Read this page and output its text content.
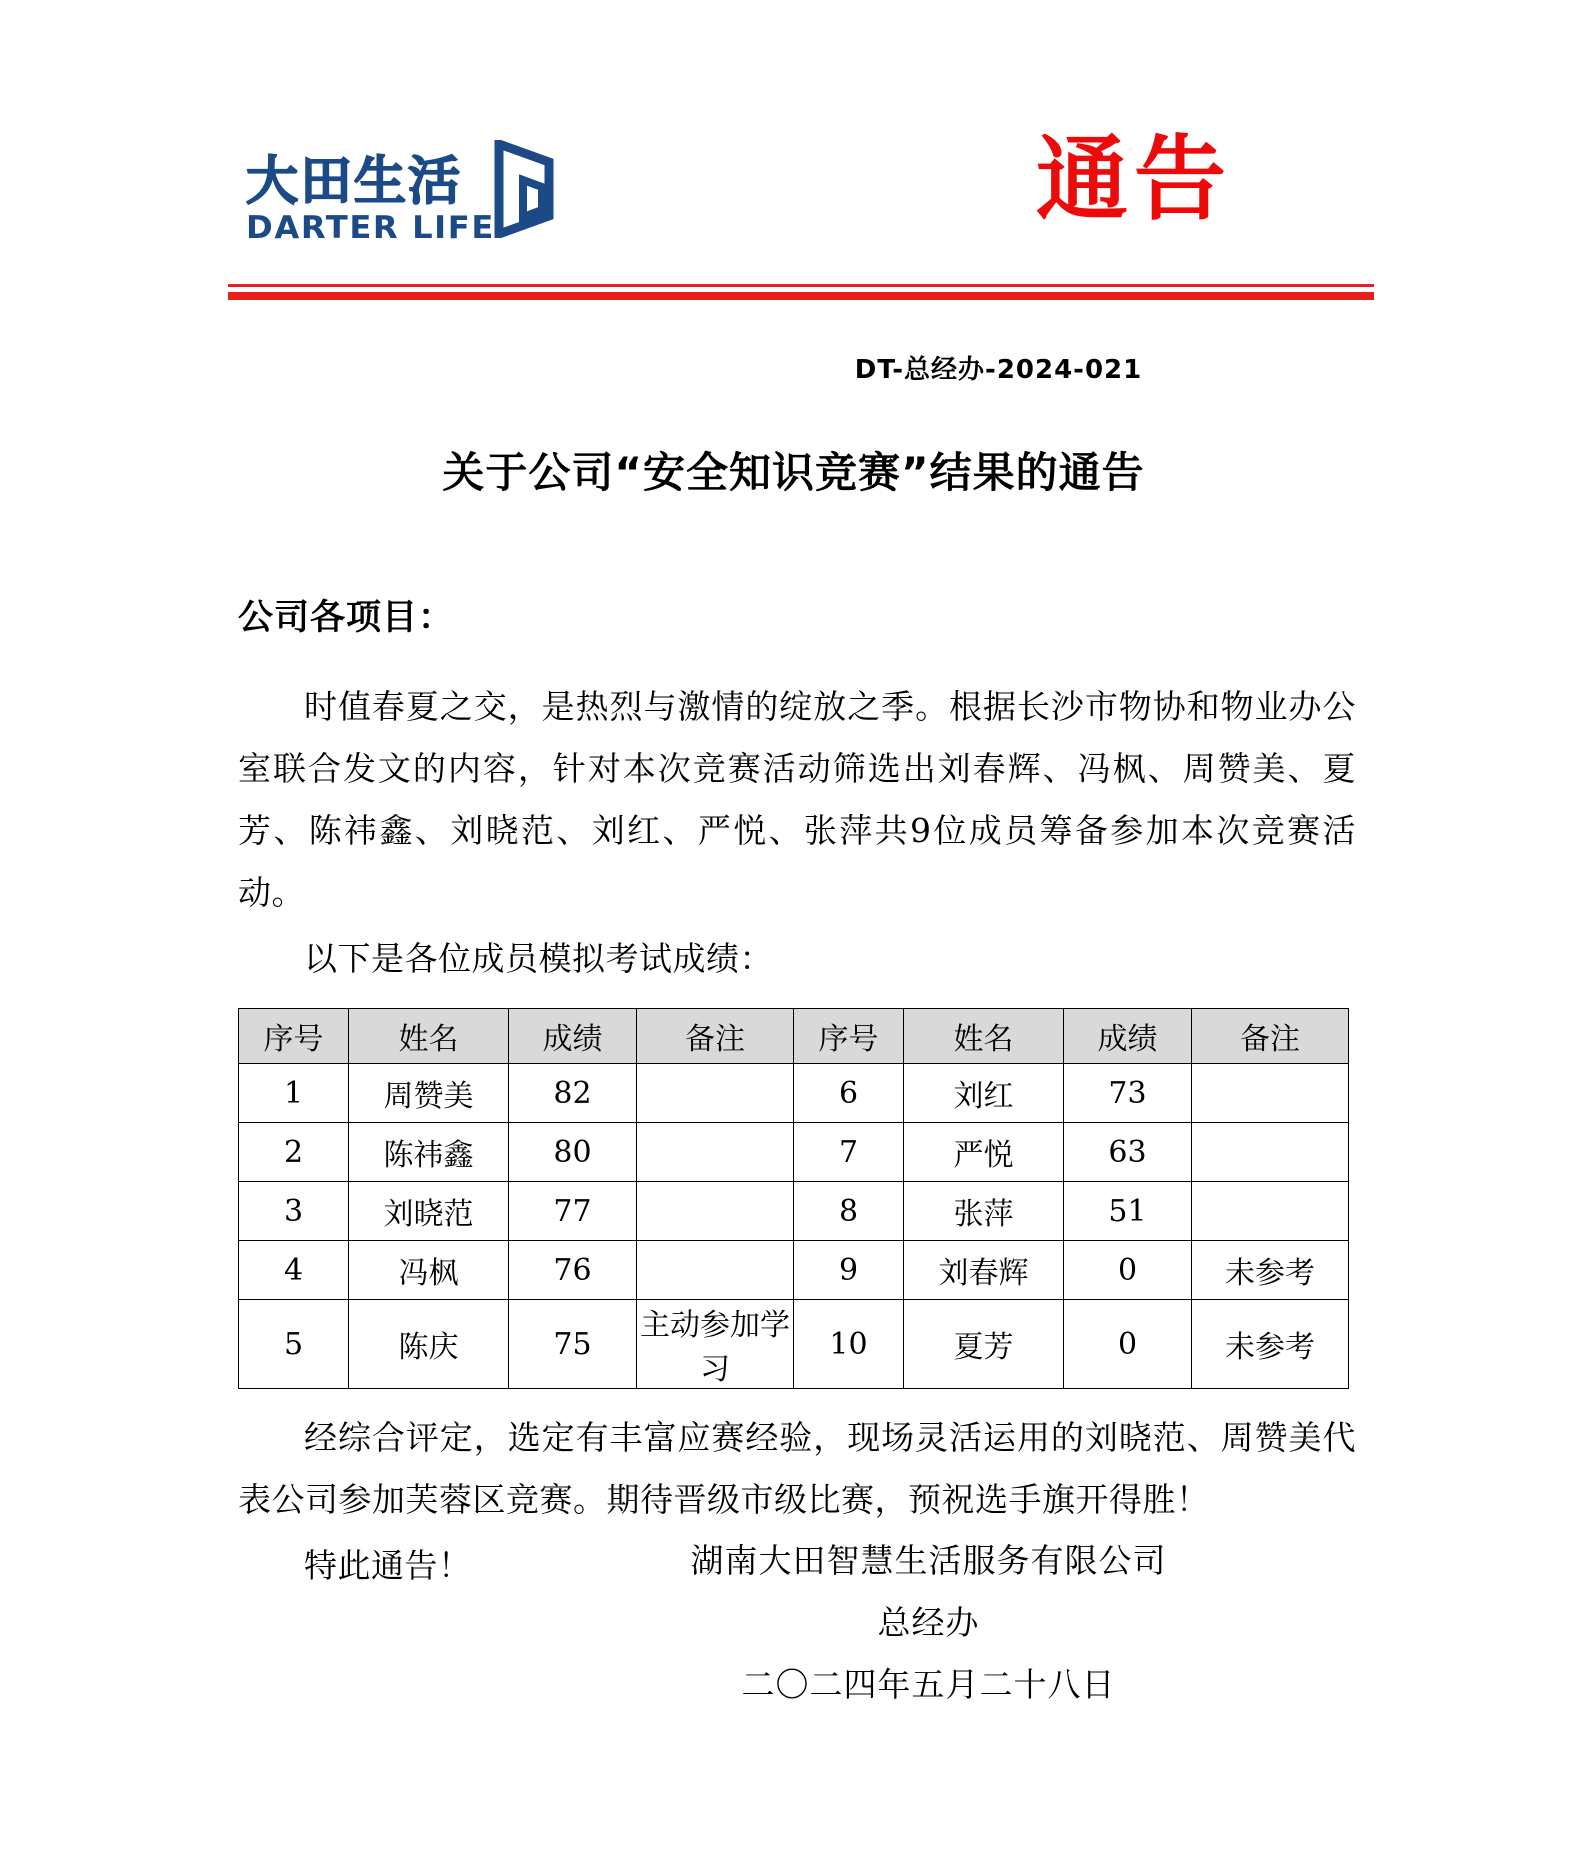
大田生活
DARTER LIFE	通告
DT-总经办-2024-021
关于公司“安全知识竞赛”结果的通告
公司各项目：

时值春夏之交，是热烈与激情的绽放之季。根据长沙市物协和物业办公室联合发文的内容，针对本次竞赛活动筛选出刘春辉、冯枫、周赞美、夏芳、陈祎鑫、刘晓范、刘红、严悦、张萍共9位成员筹备参加本次竞赛活动。

以下是各位成员模拟考试成绩：

序号	姓名	成绩	备注	序号	姓名	成绩	备注
1	周赞美	82		6	刘红	73	
2	陈祎鑫	80		7	严悦	63	
3	刘晓范	77		8	张萍	51	
4	冯枫	76		9	刘春辉	0	未参考
5	陈庆	75	主动参加学习	10	夏芳	0	未参考

经综合评定，选定有丰富应赛经验，现场灵活运用的刘晓范、周赞美代表公司参加芙蓉区竞赛。期待晋级市级比赛，预祝选手旗开得胜！

特此通告！	湖南大田智慧生活服务有限公司
总经办
二〇二四年五月二十八日
